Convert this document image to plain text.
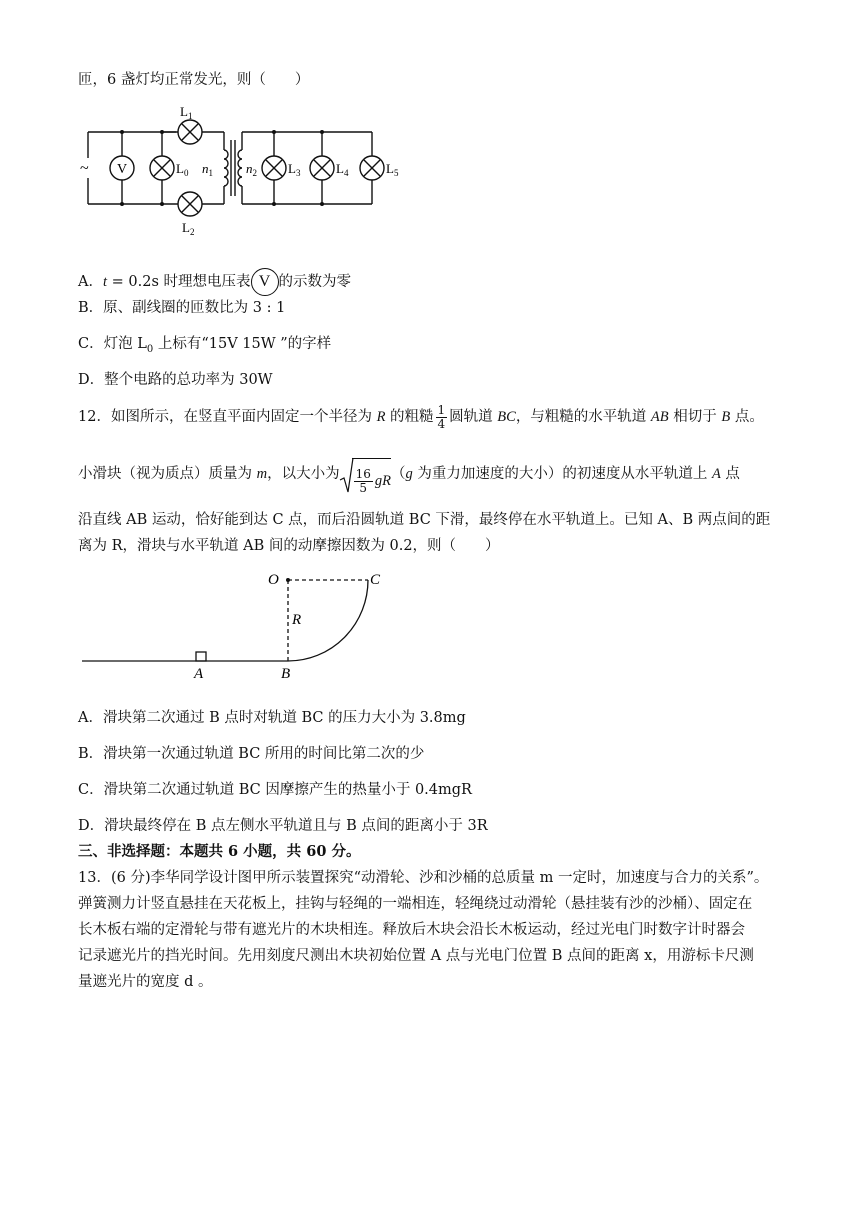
匝，6 盏灯均正常发光，则（　　）
~ V
$L_1$
$L_0$
$L_2$
$n_1$	$n_2$ $L_3$	$L_4$	$L_5$
A．t = 0.2s 时理想电压表 V 的示数为零
B．原、副线圈的匝数比为 3 : 1
C．灯泡 $L_0$ 上标有“15V 15W ”的字样
D．整个电路的总功率为 30W
12．如图所示，在竖直平面内固定一个半径为 R 的粗糙 $\frac{1}{4}$ 圆轨道 BC，与粗糙的水平轨道 AB 相切于 B 点。
小滑块（视为质点）质量为 m，以大小为 $\frac{16}{5} gR(g$ 为重力加速度的大小）的初速度从水平轨道上 A 点
沿直线 AB 运动，恰好能到达 C 点，而后沿圆轨道 BC 下滑，最终停在水平轨道上。已知 A、B 两点间的距
离为 R，滑块与水平轨道 AB 间的动摩擦因数为 0.2，则（　　）
O	C
R
A	B
A．滑块第二次通过 B 点时对轨道 BC 的压力大小为 3.8mg
B．滑块第一次通过轨道 BC 所用的时间比第二次的少
C．滑块第二次通过轨道 BC 因摩擦产生的热量小于 0.4mgR
D．滑块最终停在 B 点左侧水平轨道且与 B 点间的距离小于 3R
三、非选择题：本题共 6 小题，共 60 分。
13．(6 分)李华同学设计图甲所示装置探究“动滑轮、沙和沙桶的总质量 m 一定时，加速度与合力的关系”。
弹簧测力计竖直悬挂在天花板上，挂钩与轻绳的一端相连，轻绳绕过动滑轮（悬挂装有沙的沙桶）、固定在
长木板右端的定滑轮与带有遮光片的木块相连。释放后木块会沿长木板运动，经过光电门时数字计时器会
记录遮光片的挡光时间。先用刻度尺测出木块初始位置 A 点与光电门位置 B 点间的距离 x，用游标卡尺测
量遮光片的宽度 d 。
